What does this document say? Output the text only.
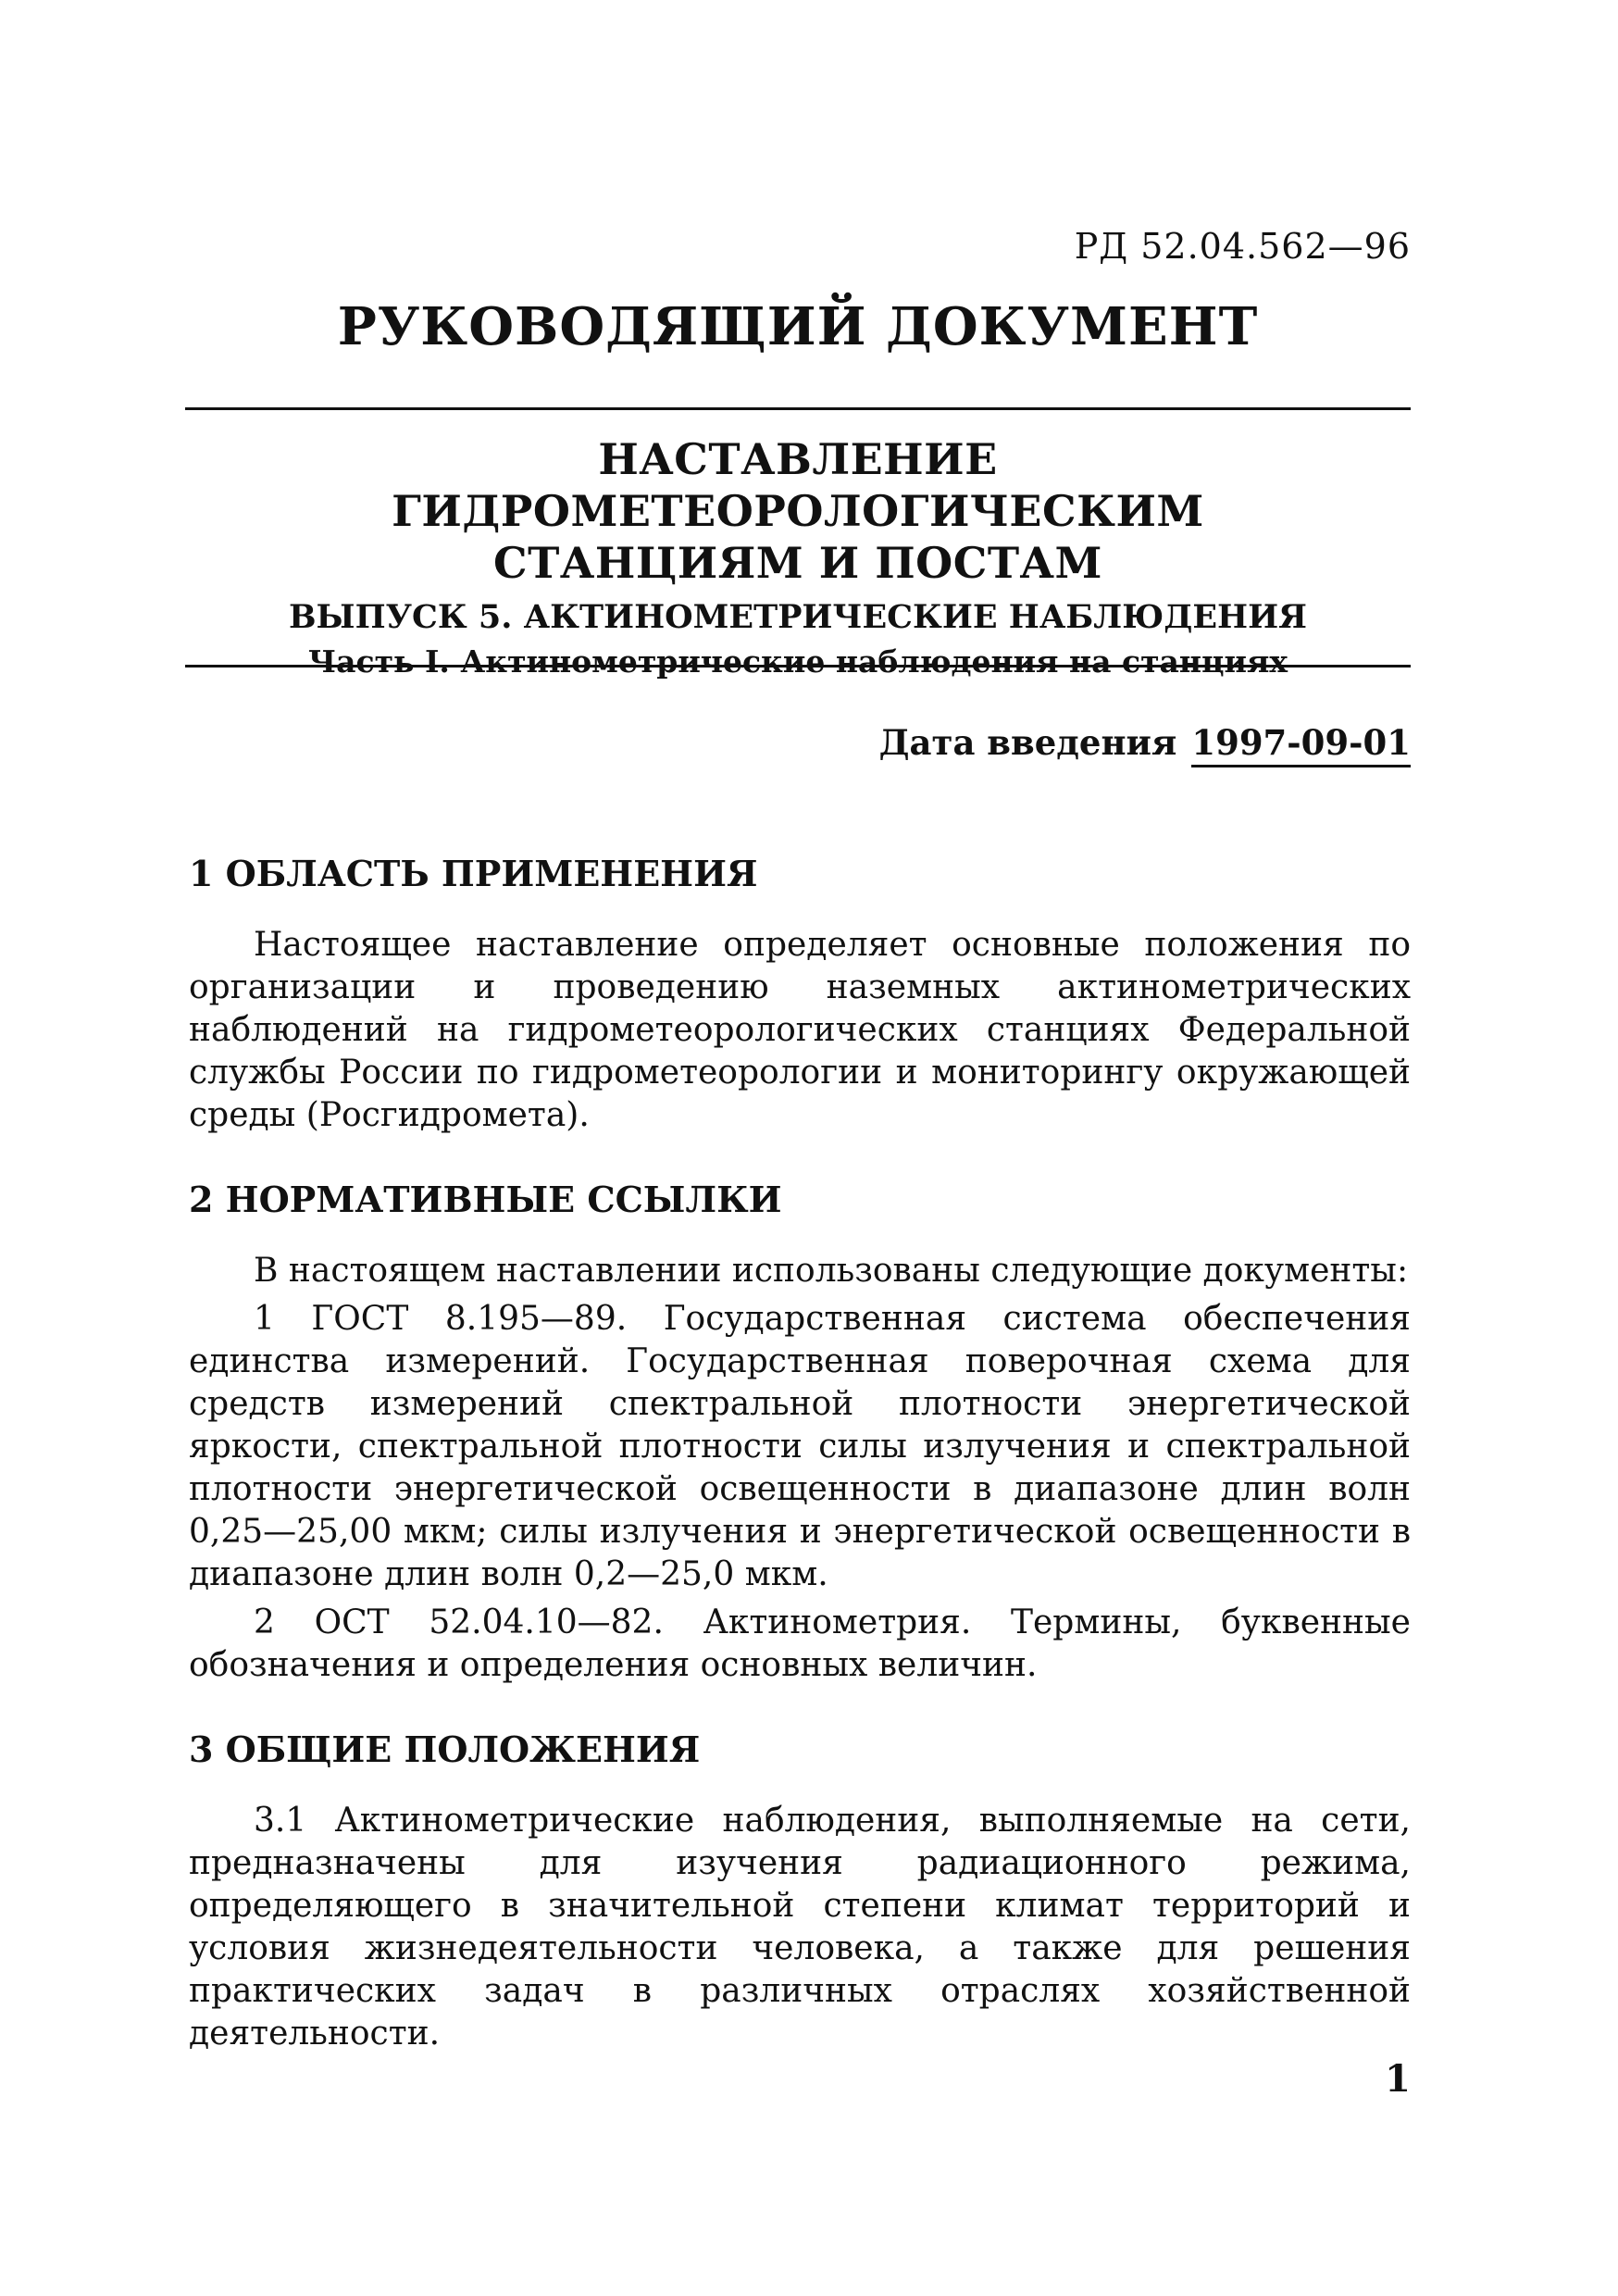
РД 52.04.562—96
РУКОВОДЯЩИЙ ДОКУМЕНТ
НАСТАВЛЕНИЕ ГИДРОМЕТЕОРОЛОГИЧЕСКИМ
СТАНЦИЯМ И ПОСТАМ
ВЫПУСК 5. АКТИНОМЕТРИЧЕСКИЕ НАБЛЮДЕНИЯ
Часть I. Актинометрические наблюдения на станциях
Дата введения 1997-09-01
1 ОБЛАСТЬ ПРИМЕНЕНИЯ

Настоящее наставление определяет основные положения по организации и проведению наземных актинометрических наблюдений на гидрометеорологических станциях Федеральной службы России по гидрометеорологии и мониторингу окружающей среды (Росгидромета).

2 НОРМАТИВНЫЕ ССЫЛКИ

В настоящем наставлении использованы следующие документы:

1 ГОСТ 8.195—89. Государственная система обеспечения единства измерений. Государственная поверочная схема для средств измерений спектральной плотности энергетической яркости, спектральной плотности силы излучения и спектральной плотности энергетической освещенности в диапазоне длин волн 0,25—25,00 мкм; силы излучения и энергетической освещенности в диапазоне длин волн 0,2—25,0 мкм.

2 ОСТ 52.04.10—82. Актинометрия. Термины, буквенные обозначения и определения основных величин.

3 ОБЩИЕ ПОЛОЖЕНИЯ

3.1 Актинометрические наблюдения, выполняемые на сети, предназначены для изучения радиационного режима, определяющего в значительной степени климат территорий и условия жизнедеятельности человека, а также для решения практических задач в различных отраслях хозяйственной деятельности.

1
